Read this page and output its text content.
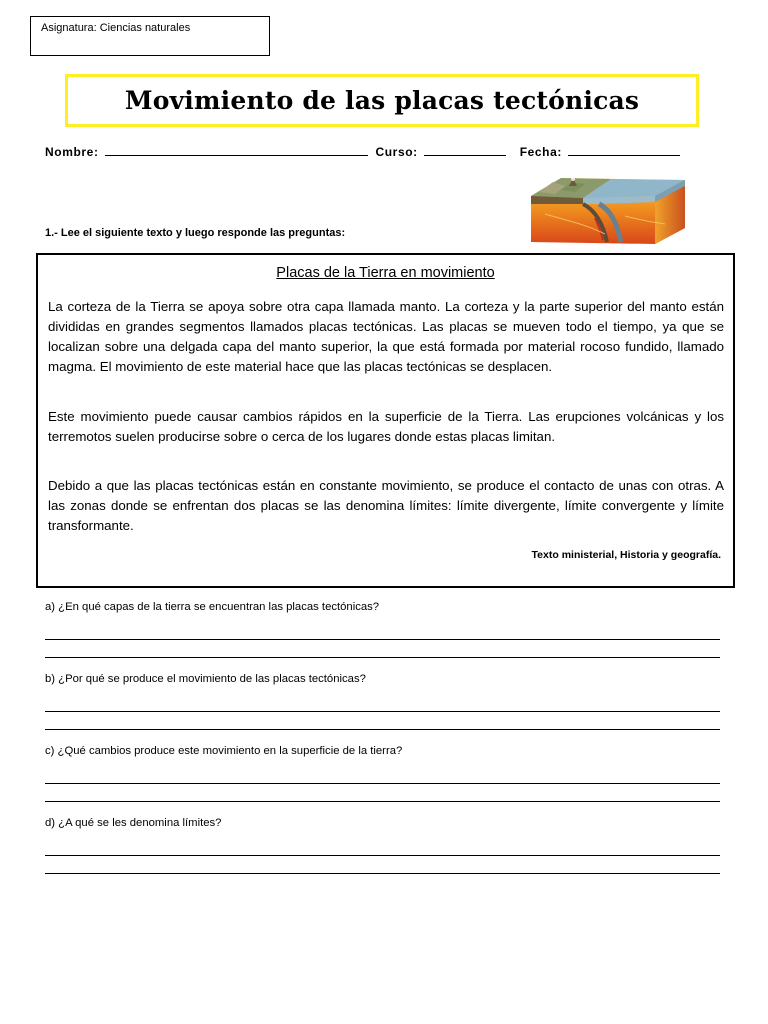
Asignatura: Ciencias naturales
Movimiento de las placas tectónicas
Nombre:	Curso:	Fecha:
1.- Lee el siguiente texto y luego responde las preguntas:
Placas de la Tierra en movimiento

La corteza de la Tierra se apoya sobre otra capa llamada manto. La corteza y la parte superior del manto están divididas en grandes segmentos llamados placas tectónicas. Las placas se mueven todo el tiempo, ya que se localizan sobre una delgada capa del manto superior, la que está formada por material rocoso fundido, llamado magma. El movimiento de este material hace que las placas tectónicas se desplacen.

Este movimiento puede causar cambios rápidos en la superficie de la Tierra. Las erupciones volcánicas y los terremotos suelen producirse sobre o cerca de los lugares donde estas placas limitan.

Debido a que las placas tectónicas están en constante movimiento, se produce el contacto de unas con otras. A las zonas donde se enfrentan dos placas se las denomina límites: límite divergente, límite convergente y límite transformante.

Texto ministerial, Historia y geografía.
a) ¿En qué capas de la tierra se encuentran las placas tectónicas?
b) ¿Por qué se produce el movimiento de las placas tectónicas?
c) ¿Qué cambios produce este movimiento en la superficie de la tierra?
d) ¿A qué se les denomina límites?
